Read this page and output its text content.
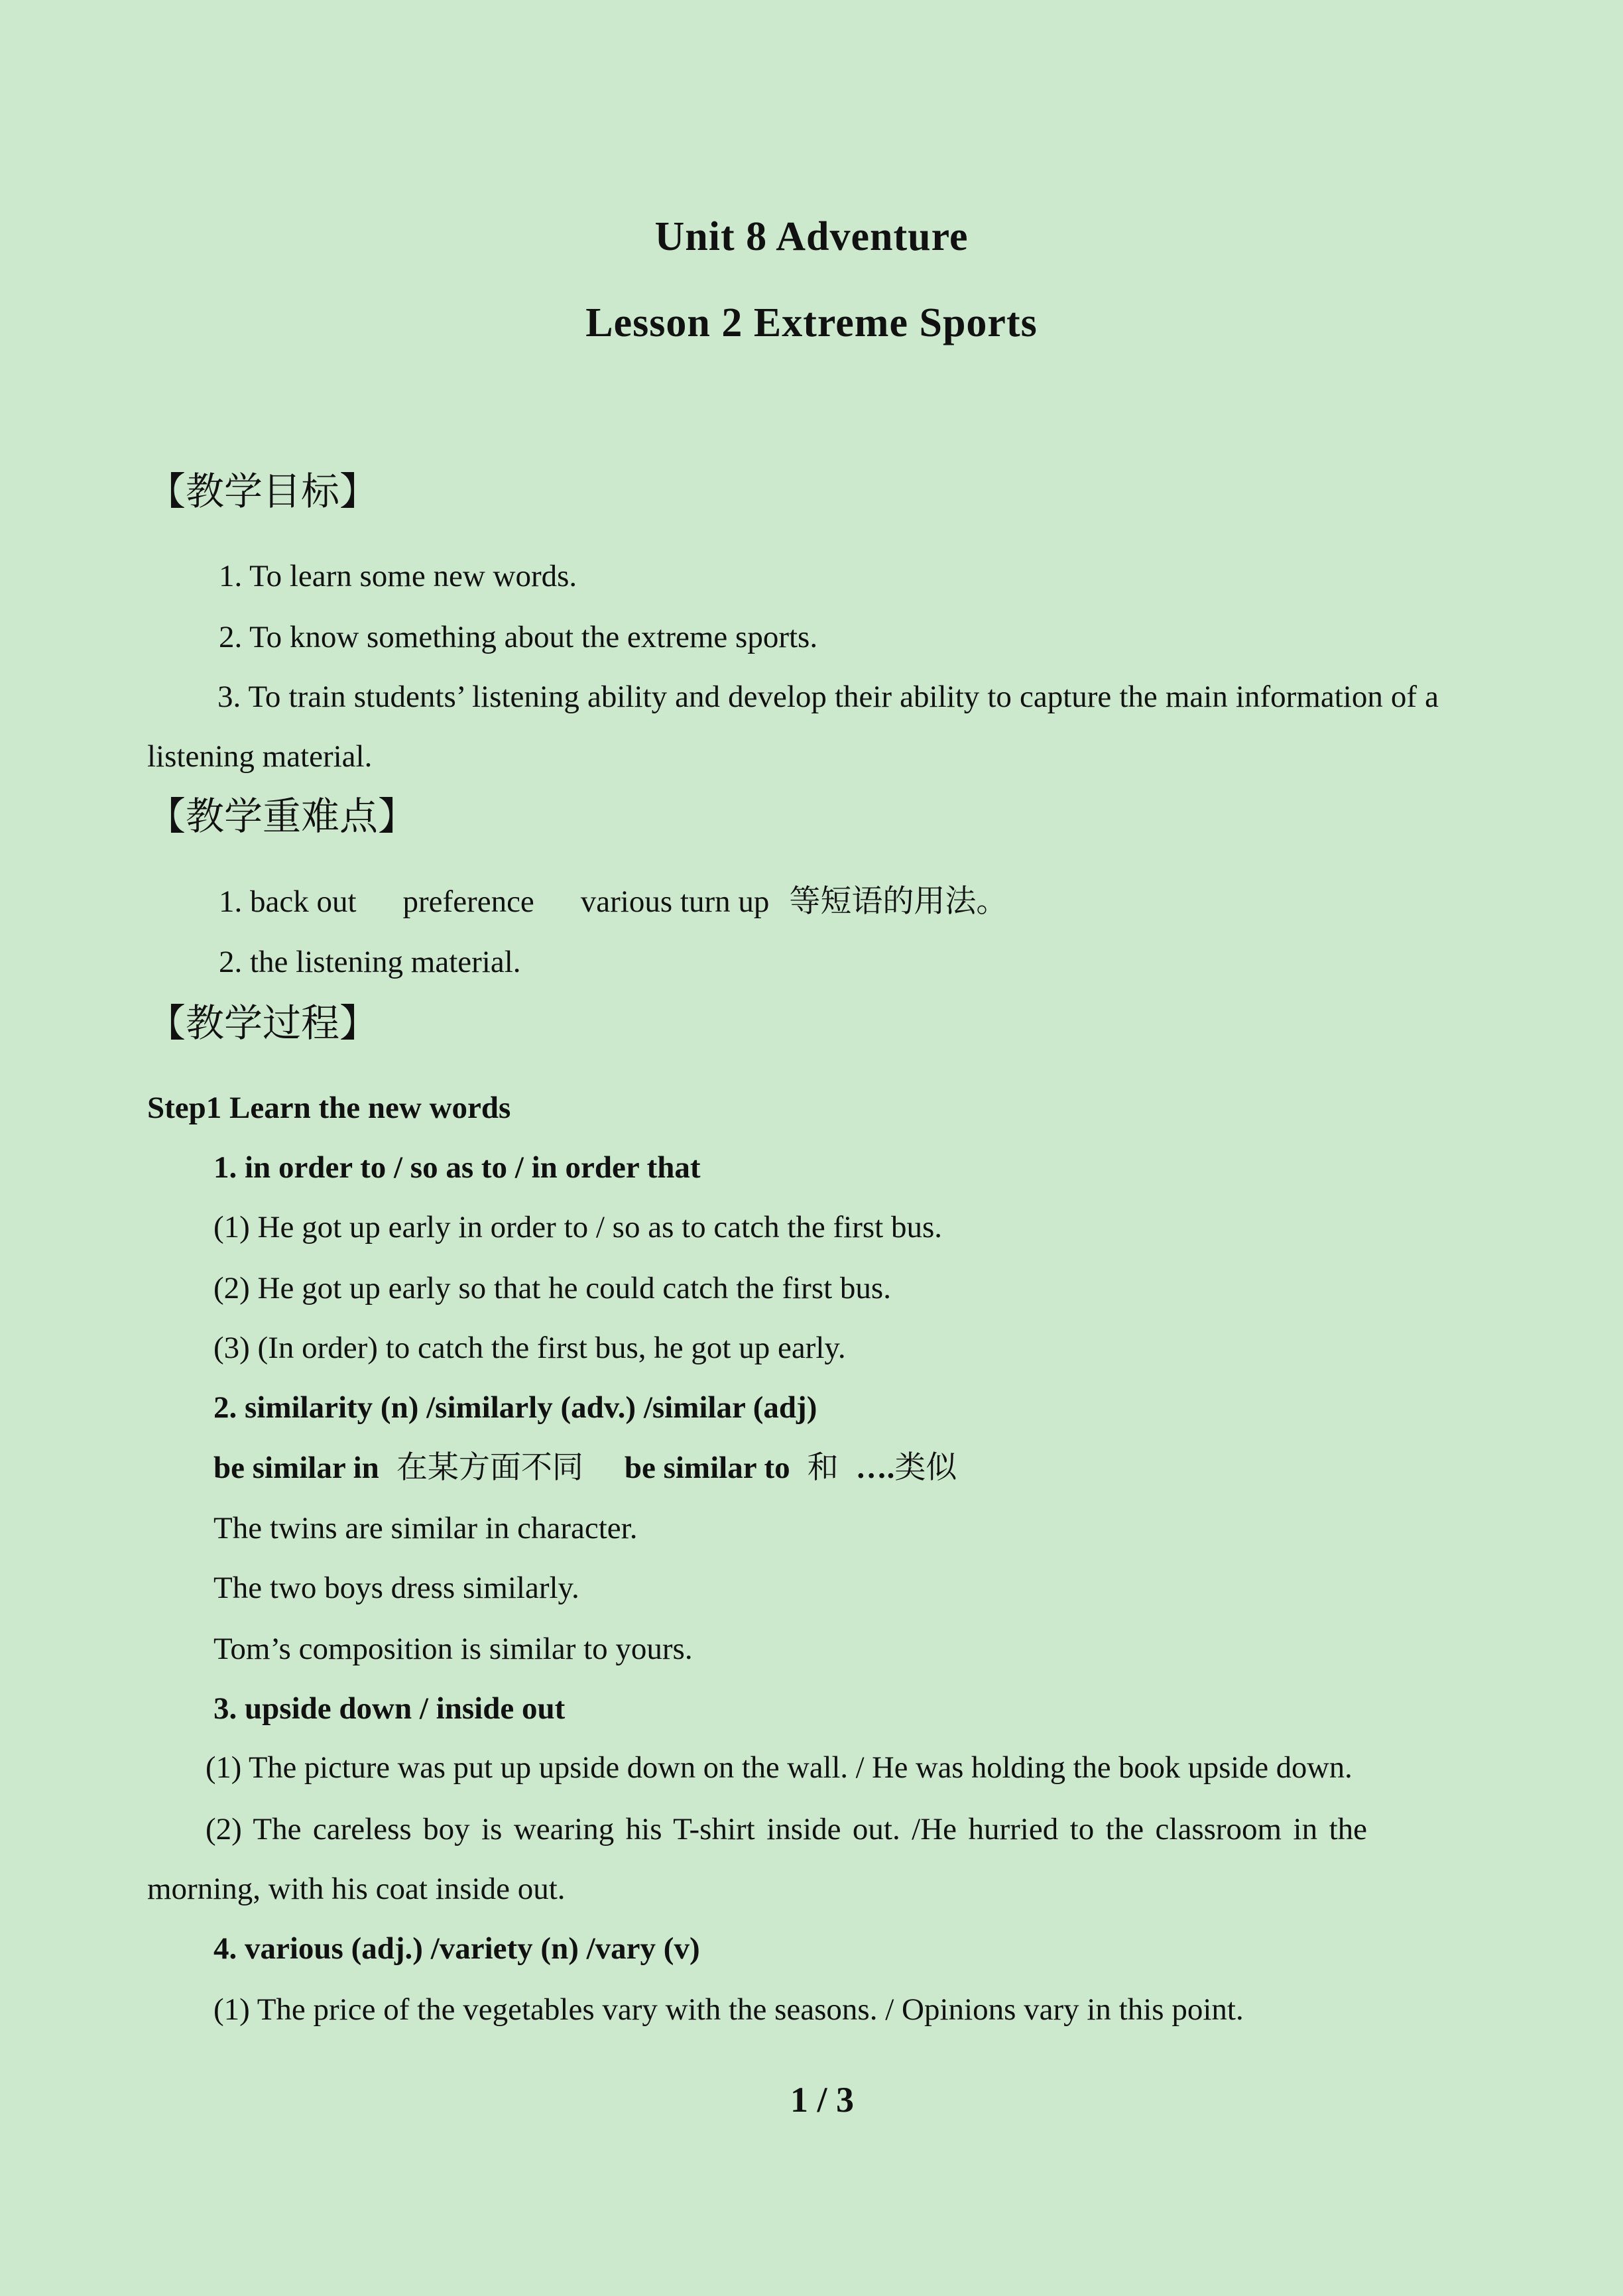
Unit 8 Adventure
Lesson 2 Extreme Sports
【教学目标】
1. To learn some new words.
2. To know something about the extreme sports.
3. To train students’ listening ability and develop their ability to capture the main information of a listening material.
【教学重难点】
1. back out preference various turn up 等短语的用法。
2. the listening material.
【教学过程】
Step1 Learn the new words
1. in order to / so as to / in order that
(1) He got up early in order to / so as to catch the first bus.
(2) He got up early so that he could catch the first bus.
(3) (In order) to catch the first bus, he got up early.
2. similarity (n) /similarly (adv.) /similar (adj)
be similar in 在某方面不同 be similar to 和 ….类似
The twins are similar in character.
The two boys dress similarly.
Tom’s composition is similar to yours.
3. upside down / inside out
(1) The picture was put up upside down on the wall. / He was holding the book upside down.
(2) The careless boy is wearing his T-shirt inside out. /He hurried to the classroom in the morning, with his coat inside out.
4. various (adj.) /variety (n) /vary (v)
(1) The price of the vegetables vary with the seasons. / Opinions vary in this point.
1 / 3
